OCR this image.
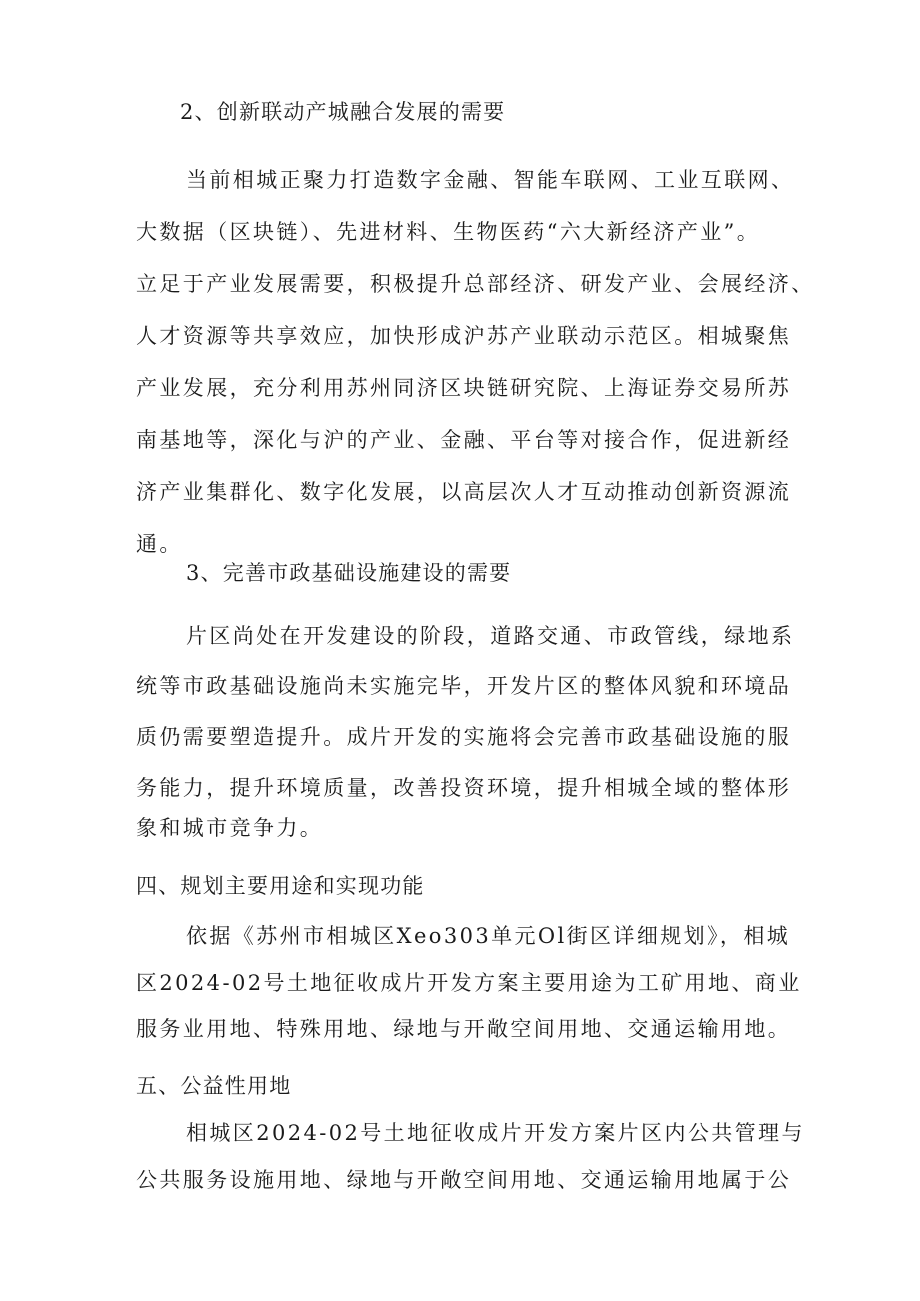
2、创新联动产城融合发展的需要
当前相城正聚力打造数字金融、智能车联网、工业互联网、
大数据（区块链）、先进材料、生物医药“六大新经济产业”。
立足于产业发展需要，积极提升总部经济、研发产业、会展经济、
人才资源等共享效应，加快形成沪苏产业联动示范区。相城聚焦
产业发展，充分利用苏州同济区块链研究院、上海证券交易所苏
南基地等，深化与沪的产业、金融、平台等对接合作，促进新经
济产业集群化、数字化发展，以高层次人才互动推动创新资源流
通。
3、完善市政基础设施建设的需要
片区尚处在开发建设的阶段，道路交通、市政管线，绿地系
统等市政基础设施尚未实施完毕，开发片区的整体风貌和环境品
质仍需要塑造提升。成片开发的实施将会完善市政基础设施的服
务能力，提升环境质量，改善投资环境，提升相城全域的整体形
象和城市竞争力。
四、规划主要用途和实现功能
依据《苏州市相城区Xeo303单元Ol街区详细规划》，相城
区2024-02号土地征收成片开发方案主要用途为工矿用地、商业
服务业用地、特殊用地、绿地与开敞空间用地、交通运输用地。
五、公益性用地
相城区2024-02号土地征收成片开发方案片区内公共管理与
公共服务设施用地、绿地与开敞空间用地、交通运输用地属于公
